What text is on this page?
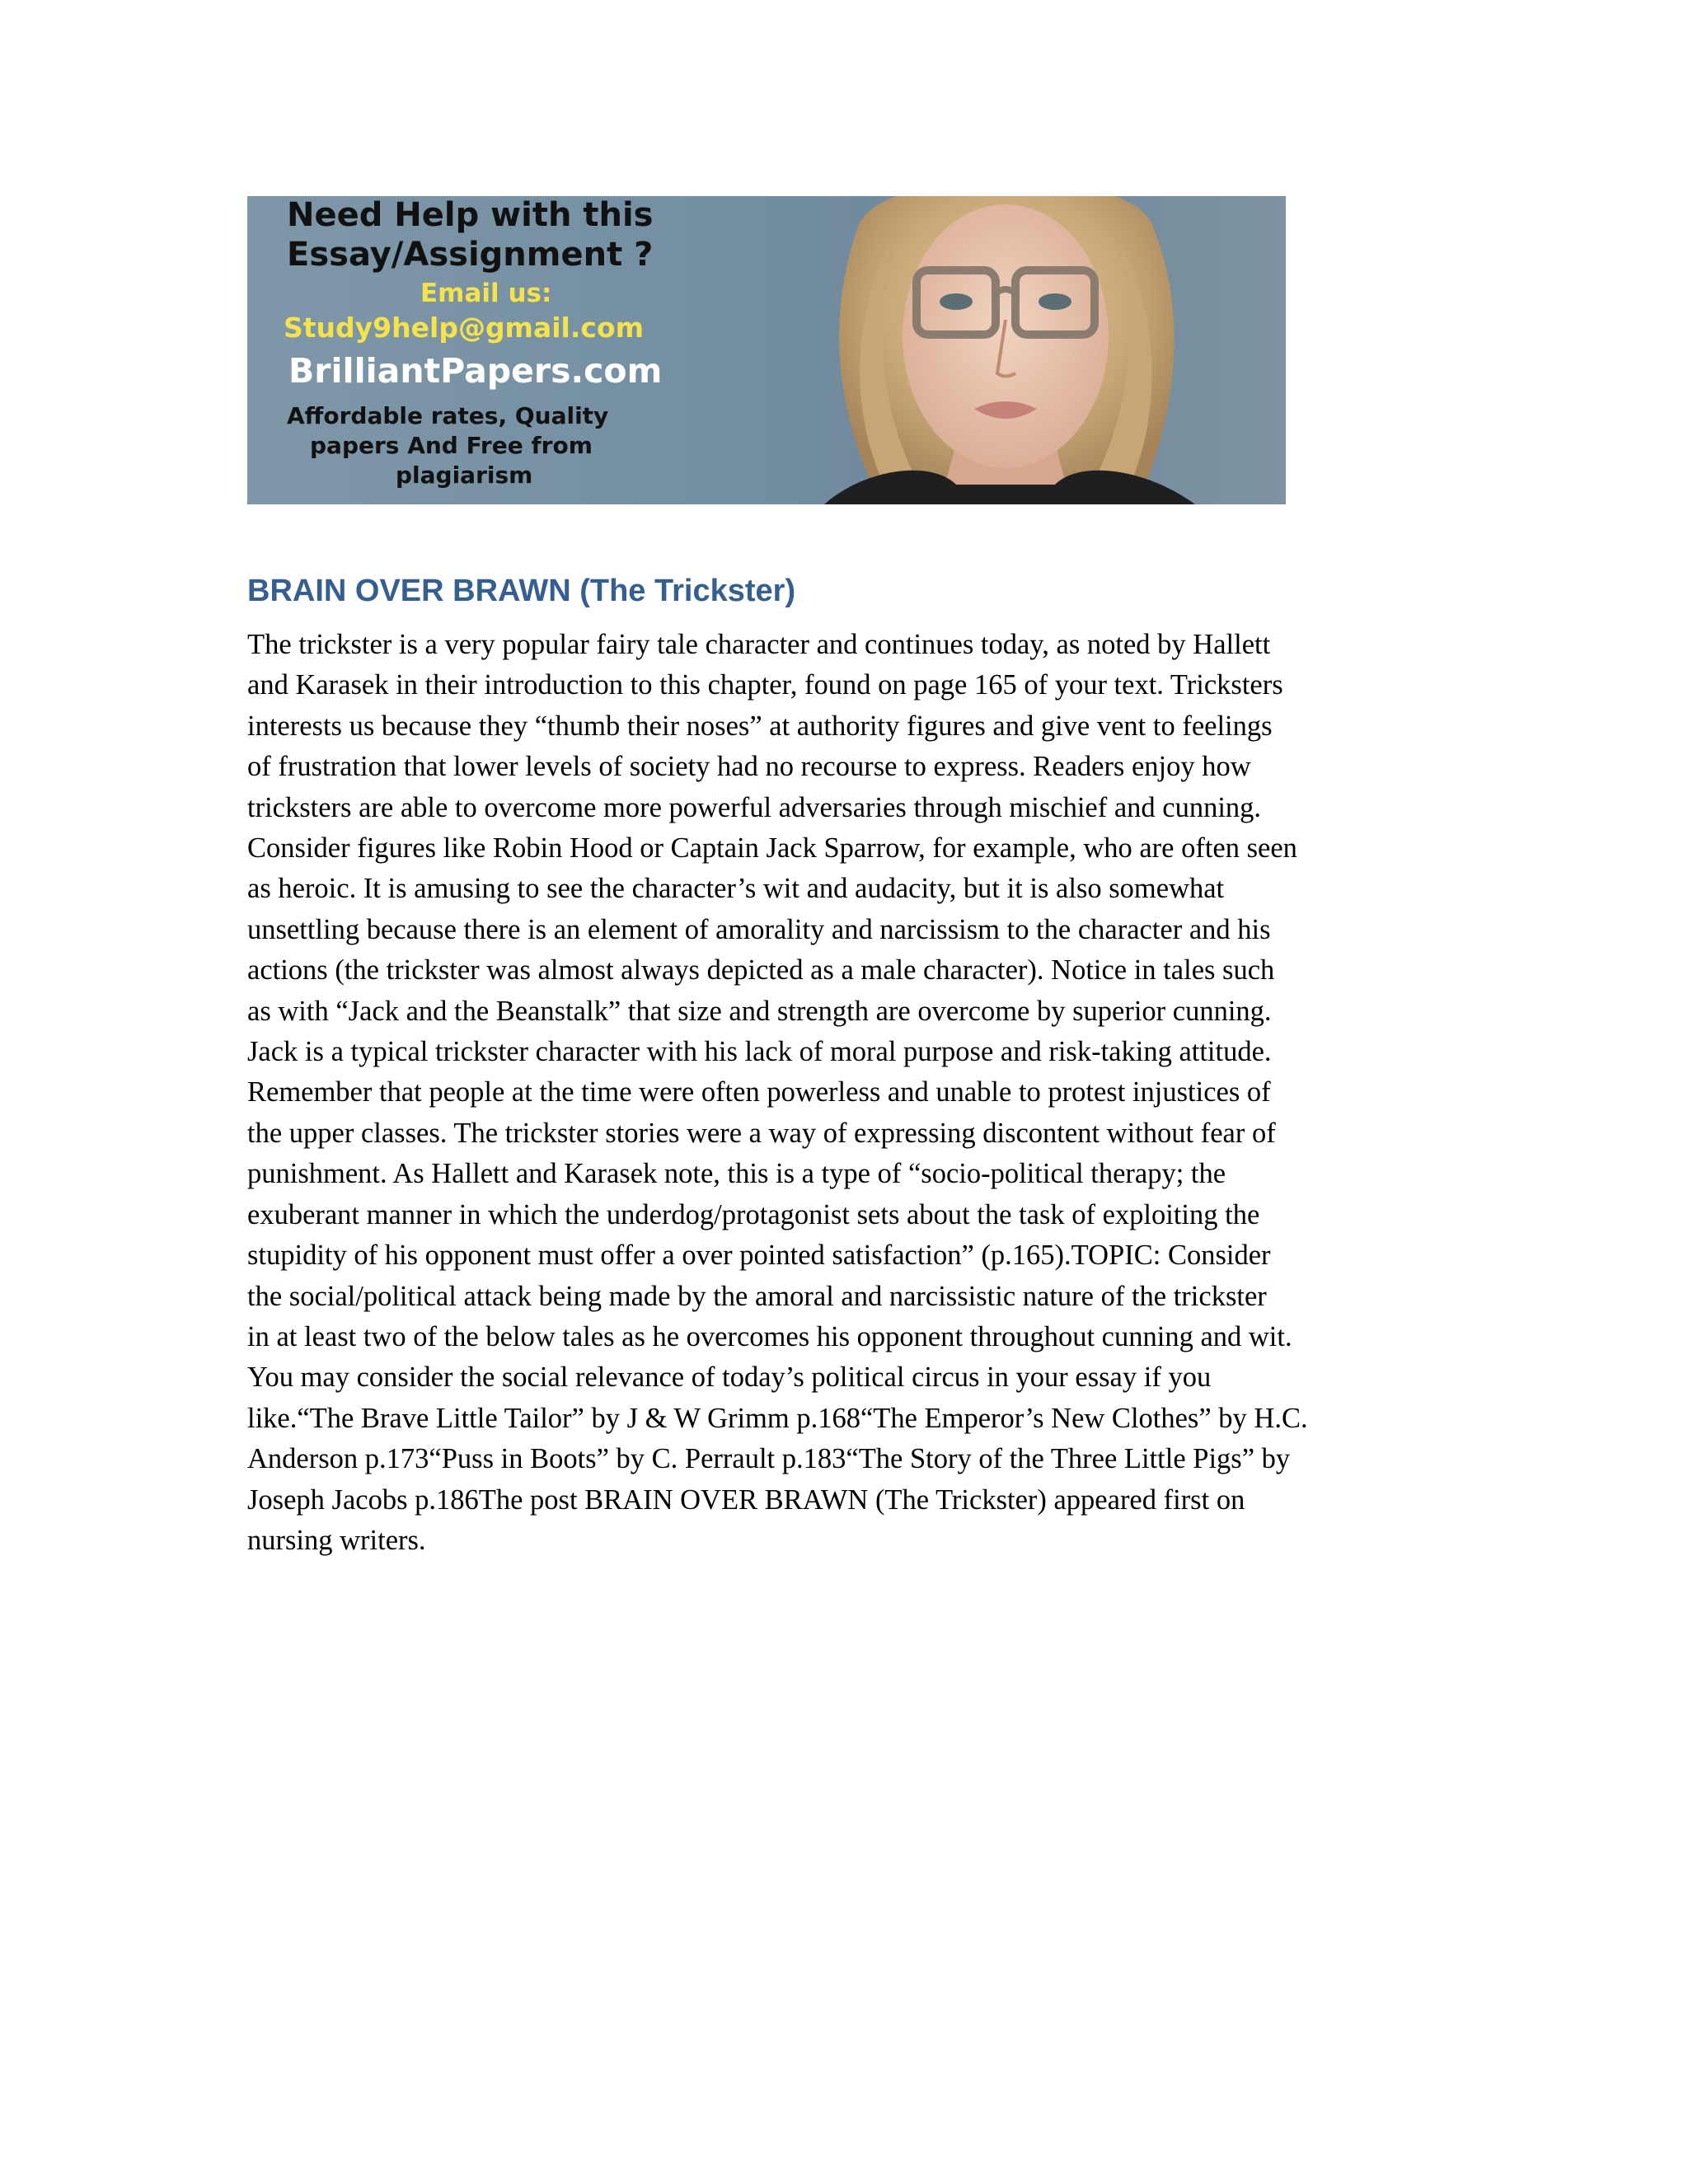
Need Help with this
Essay/Assignment ?
Email us:
Study9help@gmail.com
BrilliantPapers.com
Affordable rates, Quality
papers And Free from
plagiarism
BRAIN OVER BRAWN (The Trickster)
The trickster is a very popular fairy tale character and continues today, as noted by Hallett
and Karasek in their introduction to this chapter, found on page 165 of your text. Tricksters
interests us because they “thumb their noses” at authority figures and give vent to feelings
of frustration that lower levels of society had no recourse to express. Readers enjoy how
tricksters are able to overcome more powerful adversaries through mischief and cunning.
Consider figures like Robin Hood or Captain Jack Sparrow, for example, who are often seen
as heroic. It is amusing to see the character’s wit and audacity, but it is also somewhat
unsettling because there is an element of amorality and narcissism to the character and his
actions (the trickster was almost always depicted as a male character). Notice in tales such
as with “Jack and the Beanstalk” that size and strength are overcome by superior cunning.
Jack is a typical trickster character with his lack of moral purpose and risk-taking attitude.
Remember that people at the time were often powerless and unable to protest injustices of
the upper classes. The trickster stories were a way of expressing discontent without fear of
punishment. As Hallett and Karasek note, this is a type of “socio-political therapy; the
exuberant manner in which the underdog/protagonist sets about the task of exploiting the
stupidity of his opponent must offer a over pointed satisfaction” (p.165).TOPIC: Consider
the social/political attack being made by the amoral and narcissistic nature of the trickster
in at least two of the below tales as he overcomes his opponent throughout cunning and wit.
You may consider the social relevance of today’s political circus in your essay if you
like.“The Brave Little Tailor” by J & W Grimm p.168“The Emperor’s New Clothes” by H.C.
Anderson p.173“Puss in Boots” by C. Perrault p.183“The Story of the Three Little Pigs” by
Joseph Jacobs p.186The post BRAIN OVER BRAWN (The Trickster) appeared first on
nursing writers.
